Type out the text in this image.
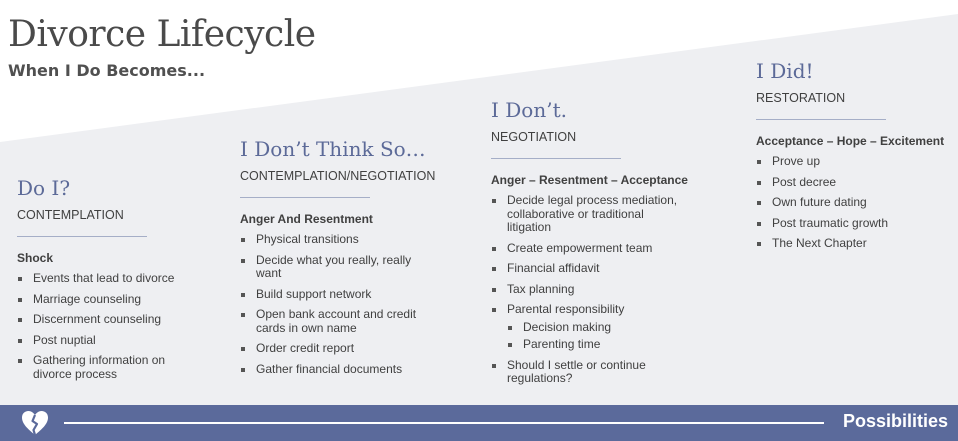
Divorce Lifecycle
When I Do Becomes...
Do I?
CONTEMPLATION
Shock
Events that lead to divorce
Marriage counseling
Discernment counseling
Post nuptial
Gathering information on divorce process
I Don’t Think So…
CONTEMPLATION/NEGOTIATION
Anger And Resentment
Physical transitions
Decide what you really, really want
Build support network
Open bank account and credit cards in own name
Order credit report
Gather financial documents
I Don’t.
NEGOTIATION
Anger – Resentment – Acceptance
Decide legal process mediation, collaborative or traditional litigation
Create empowerment team
Financial affidavit
Tax planning
Parental responsibility
Decision making
Parenting time
Should I settle or continue regulations?
I Did!
RESTORATION
Acceptance – Hope – Excitement
Prove up
Post decree
Own future dating
Post traumatic growth
The Next Chapter
Possibilities
